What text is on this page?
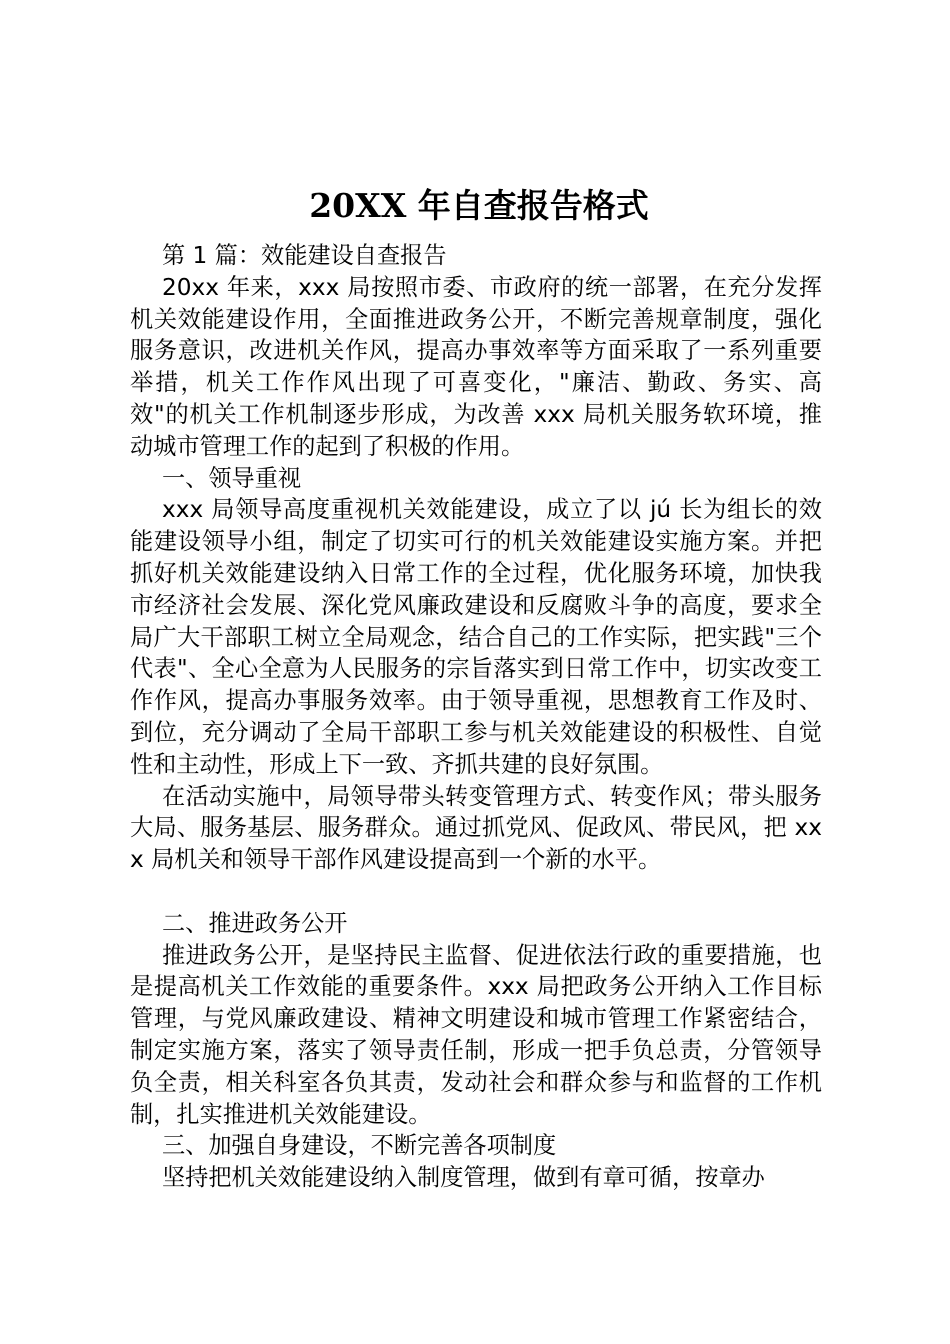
20XX 年自查报告格式

第 1 篇：效能建设自查报告

20xx 年来，xxx 局按照市委、市政府的统一部署，在充分发挥机关效能建设作用，全面推进政务公开，不断完善规章制度，强化服务意识，改进机关作风，提高办事效率等方面采取了一系列重要举措，机关工作作风出现了可喜变化，"廉洁、勤政、务实、高效"的机关工作机制逐步形成，为改善 xxx 局机关服务软环境，推动城市管理工作的起到了积极的作用。

一、领导重视

xxx 局领导高度重视机关效能建设，成立了以 jú 长为组长的效能建设领导小组，制定了切实可行的机关效能建设实施方案。并把抓好机关效能建设纳入日常工作的全过程，优化服务环境，加快我市经济社会发展、深化党风廉政建设和反腐败斗争的高度，要求全局广大干部职工树立全局观念，结合自己的工作实际，把实践"三个代表"、全心全意为人民服务的宗旨落实到日常工作中，切实改变工作作风，提高办事服务效率。由于领导重视，思想教育工作及时、到位，充分调动了全局干部职工参与机关效能建设的积极性、自觉性和主动性，形成上下一致、齐抓共建的良好氛围。

在活动实施中，局领导带头转变管理方式、转变作风；带头服务大局、服务基层、服务群众。通过抓党风、促政风、带民风，把 xxx 局机关和领导干部作风建设提高到一个新的水平。

二、推进政务公开

推进政务公开，是坚持民主监督、促进依法行政的重要措施，也是提高机关工作效能的重要条件。xxx 局把政务公开纳入工作目标管理，与党风廉政建设、精神文明建设和城市管理工作紧密结合，制定实施方案，落实了领导责任制，形成一把手负总责，分管领导负全责，相关科室各负其责，发动社会和群众参与和监督的工作机制，扎实推进机关效能建设。

三、加强自身建设，不断完善各项制度

坚持把机关效能建设纳入制度管理，做到有章可循，按章办
